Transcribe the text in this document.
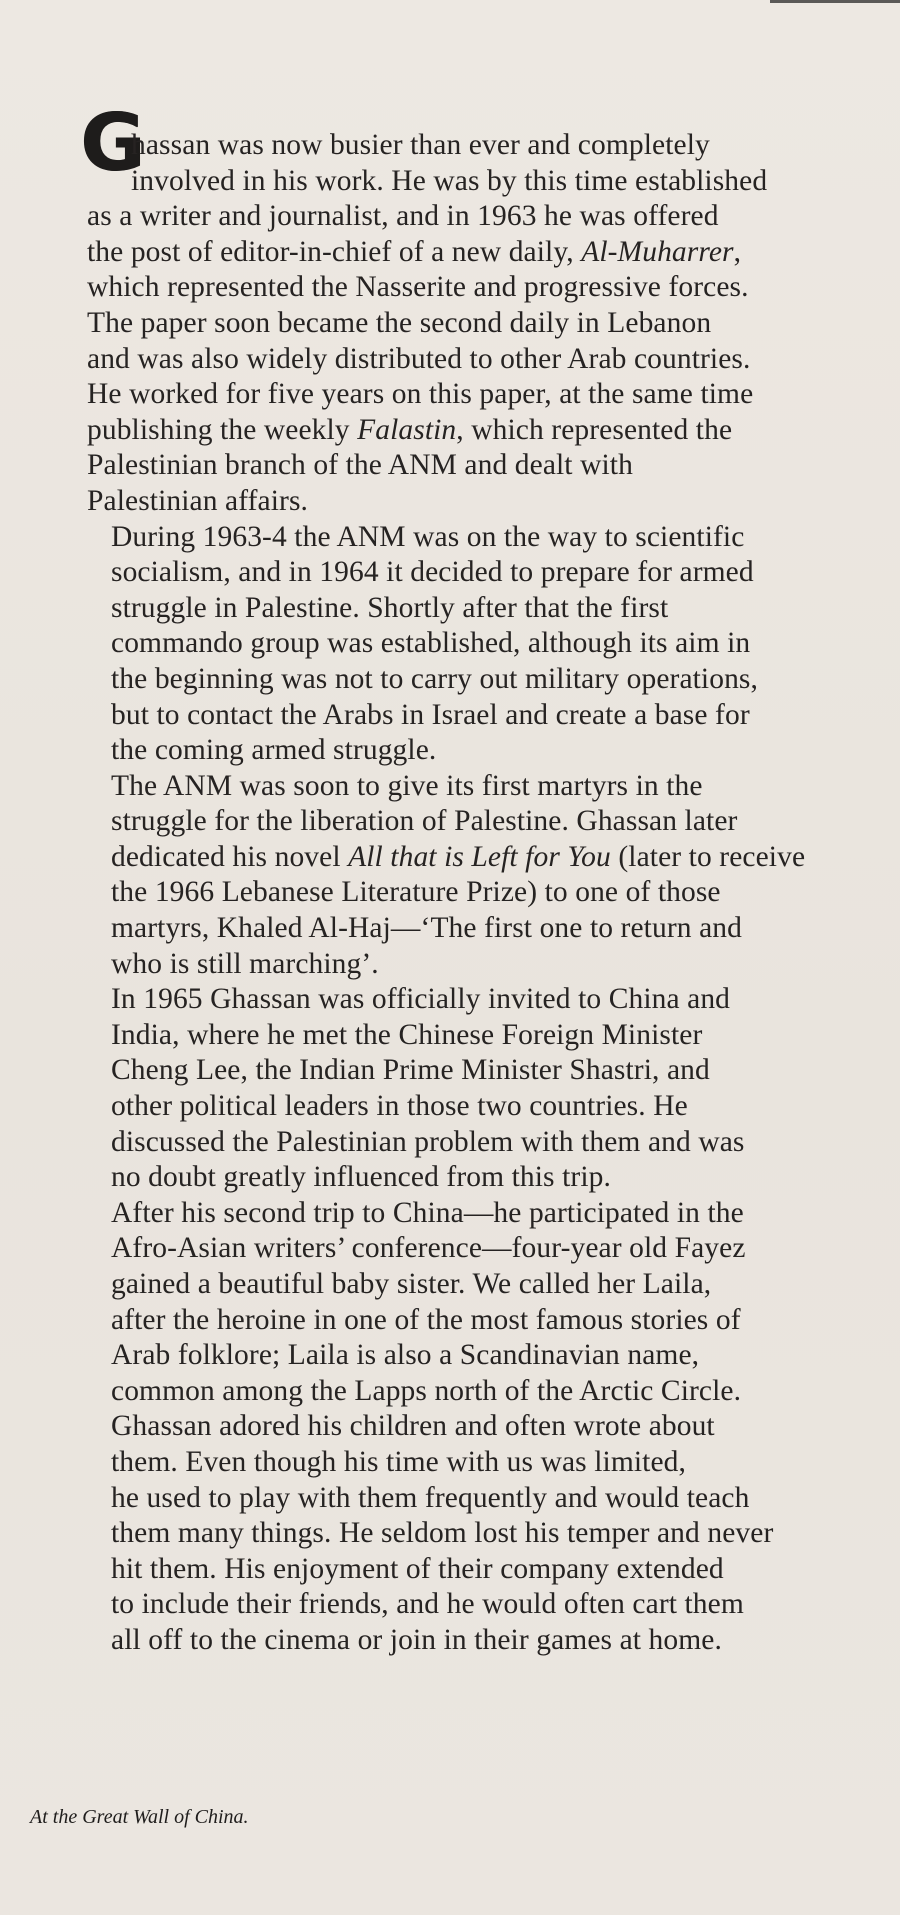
G
hassan was now busier than ever and completely
involved in his work. He was by this time established
as a writer and journalist, and in 1963 he was offered
the post of editor-in-chief of a new daily, Al-Muharrer,
which represented the Nasserite and progressive forces.
The paper soon became the second daily in Lebanon
and was also widely distributed to other Arab countries.
He worked for five years on this paper, at the same time
publishing the weekly Falastin, which represented the
Palestinian branch of the ANM and dealt with
Palestinian affairs.

During 1963-4 the ANM was on the way to scientific
socialism, and in 1964 it decided to prepare for armed
struggle in Palestine. Shortly after that the first
commando group was established, although its aim in
the beginning was not to carry out military operations,
but to contact the Arabs in Israel and create a base for
the coming armed struggle.

The ANM was soon to give its first martyrs in the
struggle for the liberation of Palestine. Ghassan later
dedicated his novel All that is Left for You (later to receive
the 1966 Lebanese Literature Prize) to one of those
martyrs, Khaled Al-Haj—‘The first one to return and
who is still marching’.

In 1965 Ghassan was officially invited to China and
India, where he met the Chinese Foreign Minister
Cheng Lee, the Indian Prime Minister Shastri, and
other political leaders in those two countries. He
discussed the Palestinian problem with them and was
no doubt greatly influenced from this trip.

After his second trip to China—he participated in the
Afro-Asian writers’ conference—four-year old Fayez
gained a beautiful baby sister. We called her Laila,
after the heroine in one of the most famous stories of
Arab folklore; Laila is also a Scandinavian name,
common among the Lapps north of the Arctic Circle.

Ghassan adored his children and often wrote about
them. Even though his time with us was limited,
he used to play with them frequently and would teach
them many things. He seldom lost his temper and never
hit them. His enjoyment of their company extended
to include their friends, and he would often cart them
all off to the cinema or join in their games at home.

At the Great Wall of China.
